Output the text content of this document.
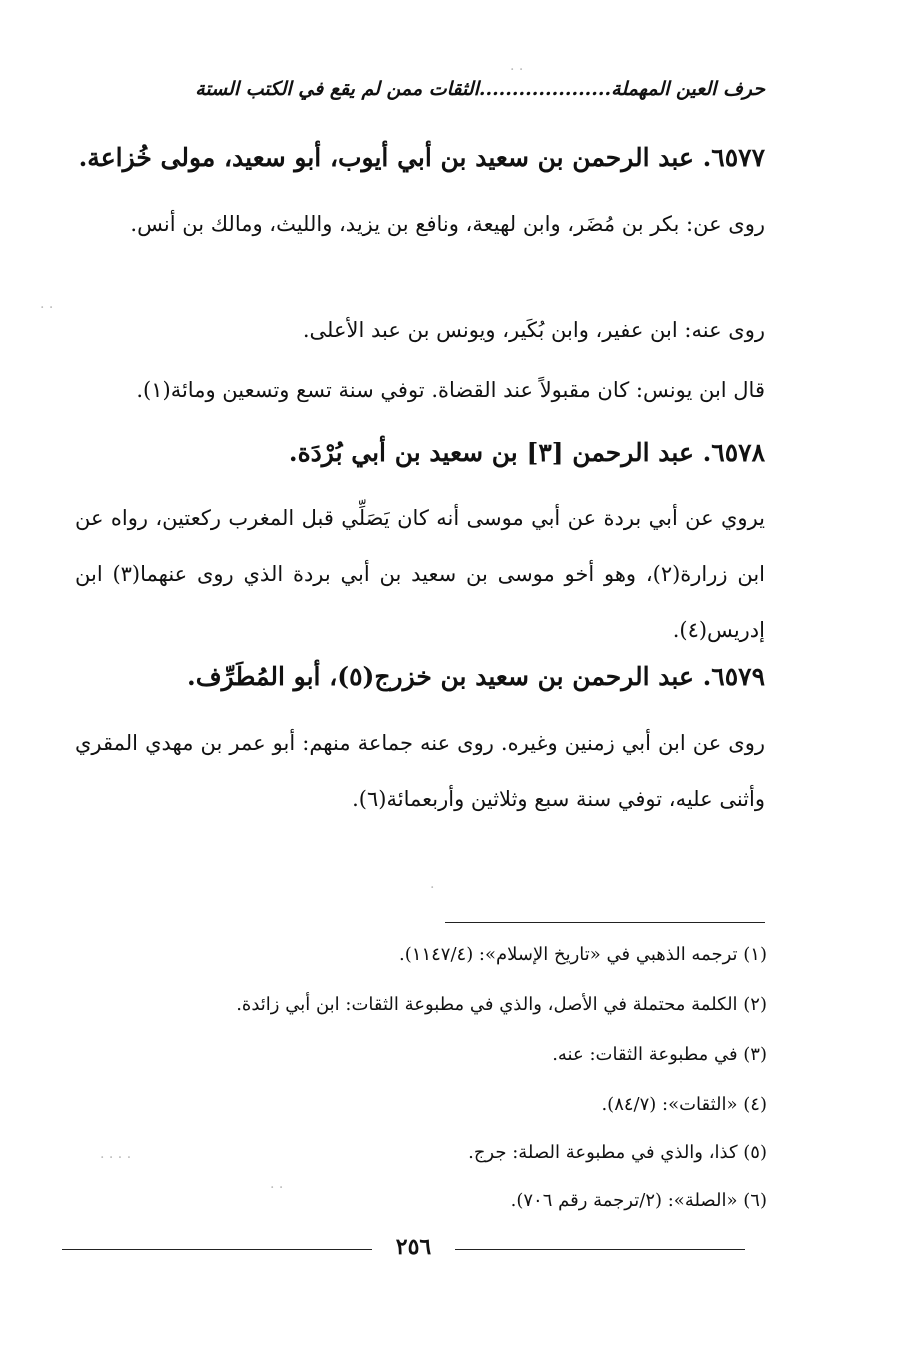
حرف العين المهملة....................الثقات ممن لم يقع في الكتب الستة
٦٥٧٧. عبد الرحمن بن سعيد بن أبي أيوب، أبو سعيد، مولى خُزاعة.
روى عن: بكر بن مُضَر، وابن لهيعة، ونافع بن يزيد، والليث، ومالك بن أنس.
روى عنه: ابن عفير، وابن بُكَير، ويونس بن عبد الأعلى.
قال ابن يونس: كان مقبولاً عند القضاة. توفي سنة تسع وتسعين ومائة(١).
٦٥٧٨. عبد الرحمن [٣] بن سعيد بن أبي بُرْدَة.
يروي عن أبي بردة عن أبي موسى أنه كان يَصَلِّي قبل المغرب ركعتين، رواه عن ابن زرارة(٢)، وهو أخو موسى بن سعيد بن أبي بردة الذي روى عنهما(٣) ابن إدريس(٤).
٦٥٧٩. عبد الرحمن بن سعيد بن خزرج(٥)، أبو المُطَرِّف.
روى عن ابن أبي زمنين وغيره. روى عنه جماعة منهم: أبو عمر بن مهدي المقري وأثنى عليه، توفي سنة سبع وثلاثين وأربعمائة(٦).
(١) ترجمه الذهبي في «تاريخ الإسلام»: (١١٤٧/٤).
(٢) الكلمة محتملة في الأصل، والذي في مطبوعة الثقات: ابن أبي زائدة.
(٣) في مطبوعة الثقات: عنه.
(٤) «الثقات»: (٨٤/٧).
(٥) كذا، والذي في مطبوعة الصلة: جرج.
(٦) «الصلة»: (٢/ترجمة رقم ٧٠٦).
٢٥٦
· ·
· ·
·
· · · ·
· ·
